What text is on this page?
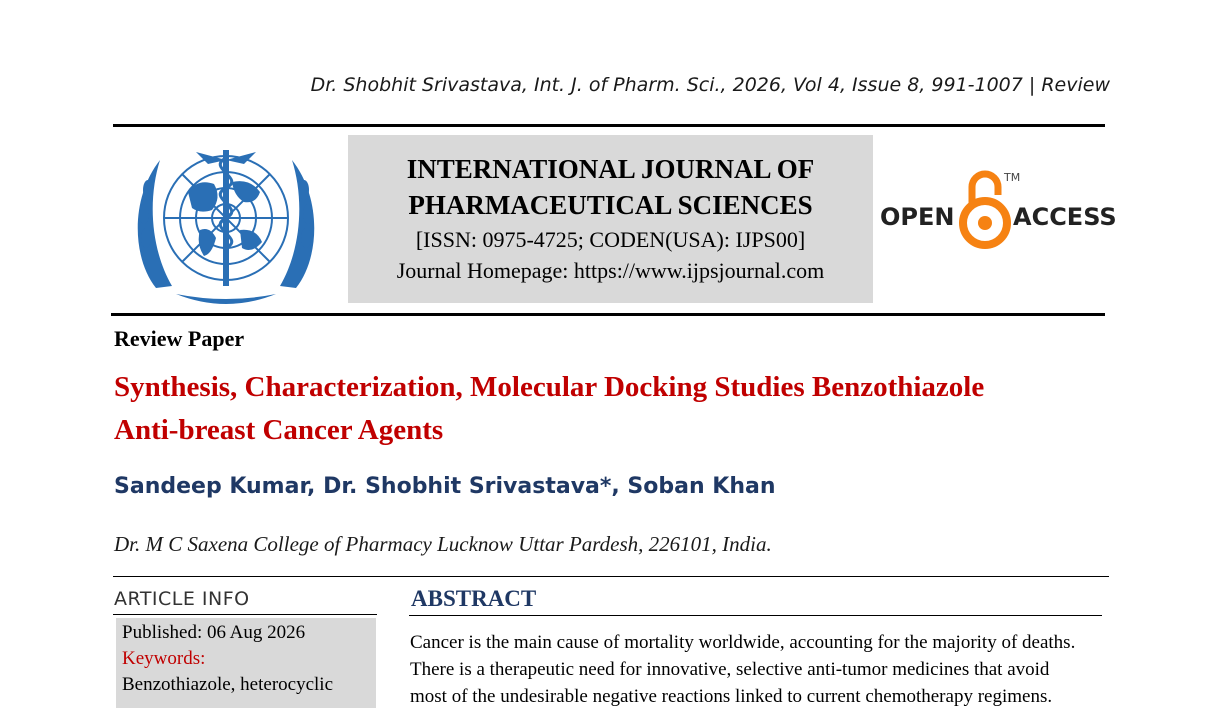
Dr. Shobhit Srivastava, Int. J. of Pharm. Sci., 2026, Vol 4, Issue 8, 991-1007 | Review
INTERNATIONAL JOURNAL OF
PHARMACEUTICAL SCIENCES
[ISSN: 0975-4725; CODEN(USA): IJPS00]
Journal Homepage: https://www.ijpsjournal.com
OPEN
TM
ACCESS
Review Paper
Synthesis, Characterization, Molecular Docking Studies Benzothiazole
Anti-breast Cancer Agents
Sandeep Kumar, Dr. Shobhit Srivastava*, Soban Khan
Dr. M C Saxena College of Pharmacy Lucknow Uttar Pardesh, 226101, India.
ARTICLE INFO
Published: 06 Aug 2026
Keywords:
Benzothiazole, heterocyclic
ABSTRACT
Cancer is the main cause of mortality worldwide, accounting for the majority of deaths.
There is a therapeutic need for innovative, selective anti-tumor medicines that avoid
most of the undesirable negative reactions linked to current chemotherapy regimens.
